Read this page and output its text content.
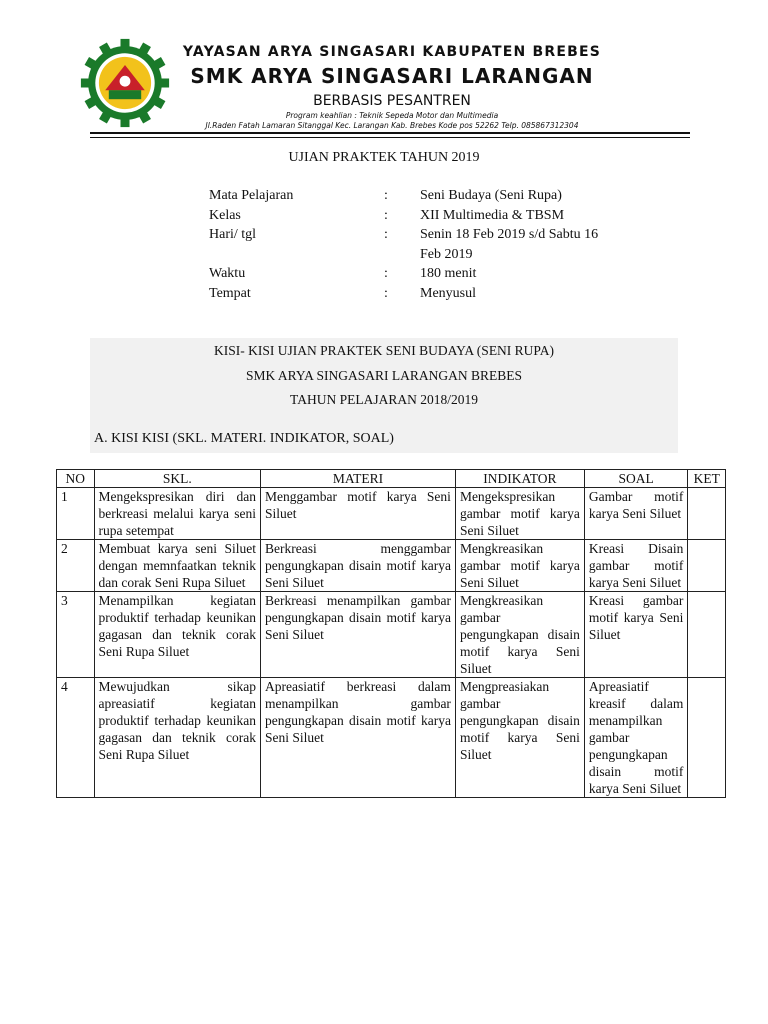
YAYASAN ARYA SINGASARI KABUPATEN BREBES
SMK ARYA SINGASARI LARANGAN
BERBASIS PESANTREN
Program keahlian : Teknik Sepeda Motor dan Multimedia
Jl.Raden Fatah Lamaran Sitanggal Kec. Larangan Kab. Brebes Kode pos 52262 Telp. 085867312304
UJIAN PRAKTEK TAHUN 2019
Mata Pelajaran	:	Seni Budaya (Seni Rupa)
Kelas	:	XII Multimedia & TBSM
Hari/ tgl	:	Senin 18 Feb 2019 s/d Sabtu 16 Feb 2019
Waktu	:	180 menit
Tempat	:	Menyusul
KISI- KISI UJIAN PRAKTEK SENI BUDAYA (SENI RUPA)
SMK ARYA SINGASARI LARANGAN BREBES
TAHUN PELAJARAN 2018/2019
A. KISI KISI (SKL. MATERI. INDIKATOR, SOAL)
NO	SKL.	MATERI	INDIKATOR	SOAL	KET
1	Mengekspresikan diri dan berkreasi melalui karya seni rupa setempat	Menggambar motif karya Seni Siluet	Mengekspresikan gambar motif karya Seni Siluet	Gambar motif karya Seni Siluet	
2	Membuat karya seni Siluet dengan memnfaatkan teknik dan corak Seni Rupa Siluet	Berkreasi menggambar pengungkapan disain motif karya Seni Siluet	Mengkreasikan gambar motif karya Seni Siluet	Kreasi Disain gambar motif karya Seni Siluet	
3	Menampilkan kegiatan produktif terhadap keunikan gagasan dan teknik corak Seni Rupa Siluet	Berkreasi menampilkan gambar pengungkapan disain motif karya Seni Siluet	Mengkreasikan gambar pengungkapan disain motif karya Seni Siluet	Kreasi gambar motif karya Seni Siluet	
4	Mewujudkan sikap apreasiatif kegiatan produktif terhadap keunikan gagasan dan teknik corak Seni Rupa Siluet	Apreasiatif berkreasi dalam menampilkan gambar pengungkapan disain motif karya Seni Siluet	Mengpreasiakan gambar pengungkapan disain motif karya Seni Siluet	Apreasiatif kreasif dalam menampilkan gambar pengungkapan disain motif karya Seni Siluet	
